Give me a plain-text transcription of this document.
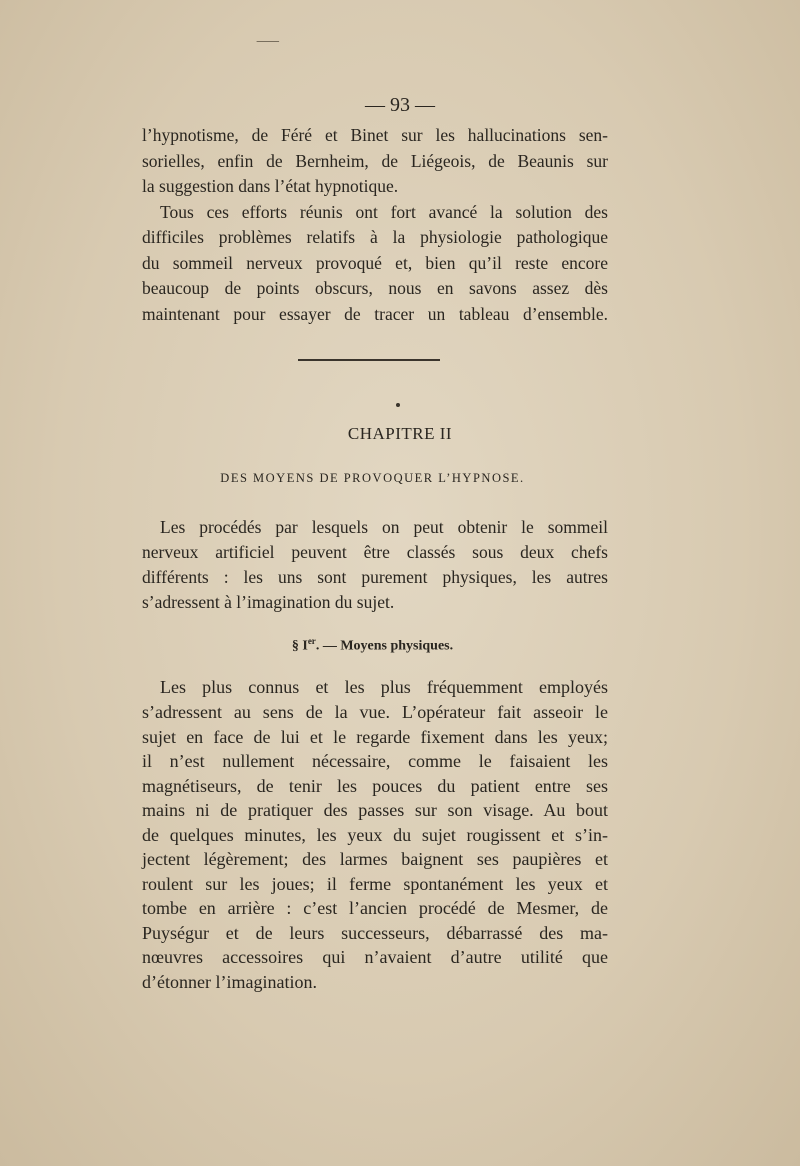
⸺
— 93 —
l’hypnotisme, de Féré et Binet sur les hallucinations sen-
sorielles, enfin de Bernheim, de Liégeois, de Beaunis sur
la suggestion dans l’état hypnotique.
Tous ces efforts réunis ont fort avancé la solution des
difficiles problèmes relatifs à la physiologie pathologique
du sommeil nerveux provoqué et, bien qu’il reste encore
beaucoup de points obscurs, nous en savons assez dès
maintenant pour essayer de tracer un tableau d’ensemble.
CHAPITRE II
DES MOYENS DE PROVOQUER L’HYPNOSE.
Les procédés par lesquels on peut obtenir le sommeil
nerveux artificiel peuvent être classés sous deux chefs
différents : les uns sont purement physiques, les autres
s’adressent à l’imagination du sujet.
§ Ier. — Moyens physiques.
Les plus connus et les plus fréquemment employés
s’adressent au sens de la vue. L’opérateur fait asseoir le
sujet en face de lui et le regarde fixement dans les yeux;
il n’est nullement nécessaire, comme le faisaient les
magnétiseurs, de tenir les pouces du patient entre ses
mains ni de pratiquer des passes sur son visage. Au bout
de quelques minutes, les yeux du sujet rougissent et s’in-
jectent légèrement; des larmes baignent ses paupières et
roulent sur les joues; il ferme spontanément les yeux et
tombe en arrière : c’est l’ancien procédé de Mesmer, de
Puységur et de leurs successeurs, débarrassé des ma-
nœuvres accessoires qui n’avaient d’autre utilité que
d’étonner l’imagination.
